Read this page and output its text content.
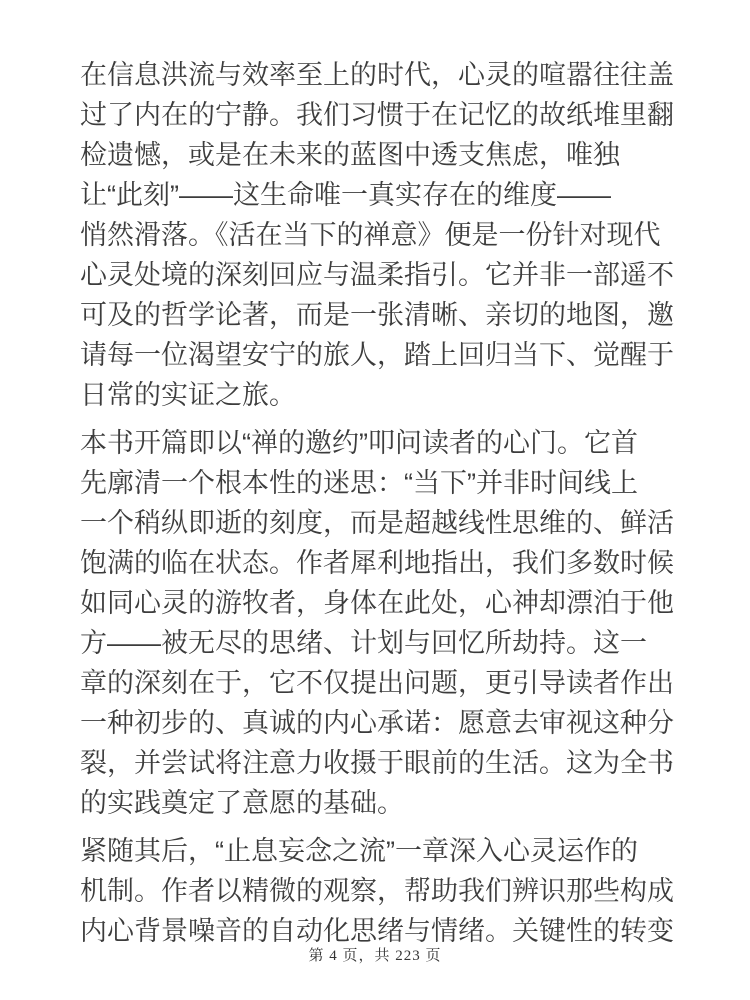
在信息洪流与效率至上的时代，心灵的喧嚣往往盖
过了内在的宁静。我们习惯于在记忆的故纸堆里翻
检遗憾，或是在未来的蓝图中透支焦虑，唯独
让“此刻”——这生命唯一真实存在的维度——
悄然滑落。《活在当下的禅意》便是一份针对现代
心灵处境的深刻回应与温柔指引。它并非一部遥不
可及的哲学论著，而是一张清晰、亲切的地图，邀
请每一位渴望安宁的旅人，踏上回归当下、觉醒于
日常的实证之旅。
本书开篇即以“禅的邀约”叩问读者的心门。它首
先廓清一个根本性的迷思：“当下”并非时间线上
一个稍纵即逝的刻度，而是超越线性思维的、鲜活
饱满的临在状态。作者犀利地指出，我们多数时候
如同心灵的游牧者，身体在此处，心神却漂泊于他
方——被无尽的思绪、计划与回忆所劫持。这一
章的深刻在于，它不仅提出问题，更引导读者作出
一种初步的、真诚的内心承诺：愿意去审视这种分
裂，并尝试将注意力收摄于眼前的生活。这为全书
的实践奠定了意愿的基础。
紧随其后，“止息妄念之流”一章深入心灵运作的
机制。作者以精微的观察，帮助我们辨识那些构成
内心背景噪音的自动化思绪与情绪。关键性的转变
第 4 页，共 223 页
